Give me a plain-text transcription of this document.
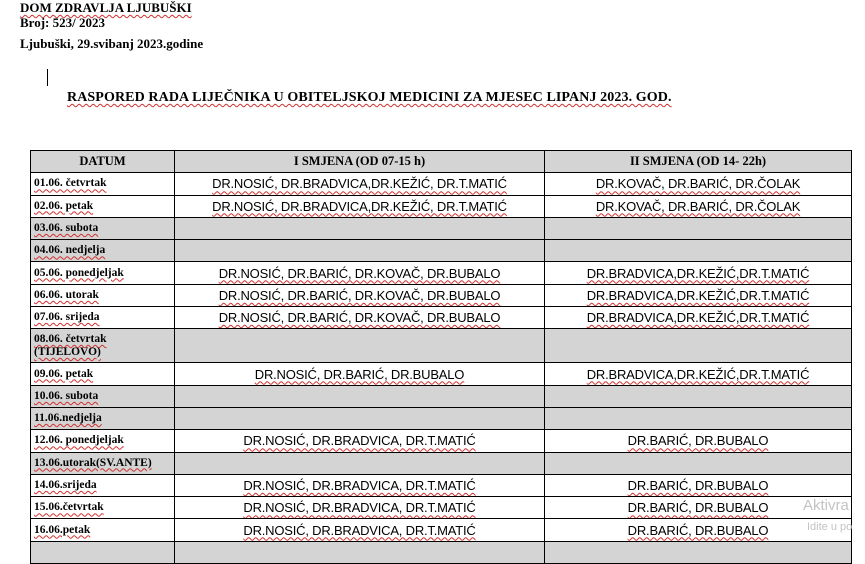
DOM ZDRAVLJA LJUBUŠKI
Broj: 523/ 2023
Ljubuški, 29.svibanj 2023.godine
RASPORED RADA LIJEČNIKA U OBITELJSKOJ MEDICINI ZA MJESEC LIPANJ 2023. GOD.
DATUM	I SMJENA (OD 07-15 h)	II SMJENA (OD 14- 22h)
01.06. četvrtak	DR.NOSIĆ, DR.BRADVICA,DR.KEŽIĆ, DR.T.MATIĆ	DR.KOVAČ, DR.BARIĆ, DR.ČOLAK
02.06. petak	DR.NOSIĆ, DR.BRADVICA,DR.KEŽIĆ, DR.T.MATIĆ	DR.KOVAČ, DR.BARIĆ, DR.ČOLAK
03.06. subota		
04.06. nedjelja		
05.06. ponedjeljak	DR.NOSIĆ, DR.BARIĆ, DR.KOVAČ, DR.BUBALO	DR.BRADVICA,DR.KEŽIĆ,DR.T.MATIĆ
06.06. utorak	DR.NOSIĆ, DR.BARIĆ, DR.KOVAČ, DR.BUBALO	DR.BRADVICA,DR.KEŽIĆ,DR.T.MATIĆ
07.06. srijeda	DR.NOSIĆ, DR.BARIĆ, DR.KOVAČ, DR.BUBALO	DR.BRADVICA,DR.KEŽIĆ,DR.T.MATIĆ
08.06. četvrtak
(TIJELOVO)		
09.06. petak	DR.NOSIĆ, DR.BARIĆ, DR.BUBALO	DR.BRADVICA,DR.KEŽIĆ,DR.T.MATIĆ
10.06. subota		
11.06.nedjelja		
12.06. ponedjeljak	DR.NOSIĆ, DR.BRADVICA, DR.T.MATIĆ	DR.BARIĆ, DR.BUBALO
13.06.utorak(SV.ANTE)		
14.06.srijeda	DR.NOSIĆ, DR.BRADVICA, DR.T.MATIĆ	DR.BARIĆ, DR.BUBALO
15.06.četvrtak	DR.NOSIĆ, DR.BRADVICA, DR.T.MATIĆ	DR.BARIĆ, DR.BUBALO
16.06.petak	DR.NOSIĆ, DR.BRADVICA, DR.T.MATIĆ	DR.BARIĆ, DR.BUBALO

Aktivra
Idite u po
